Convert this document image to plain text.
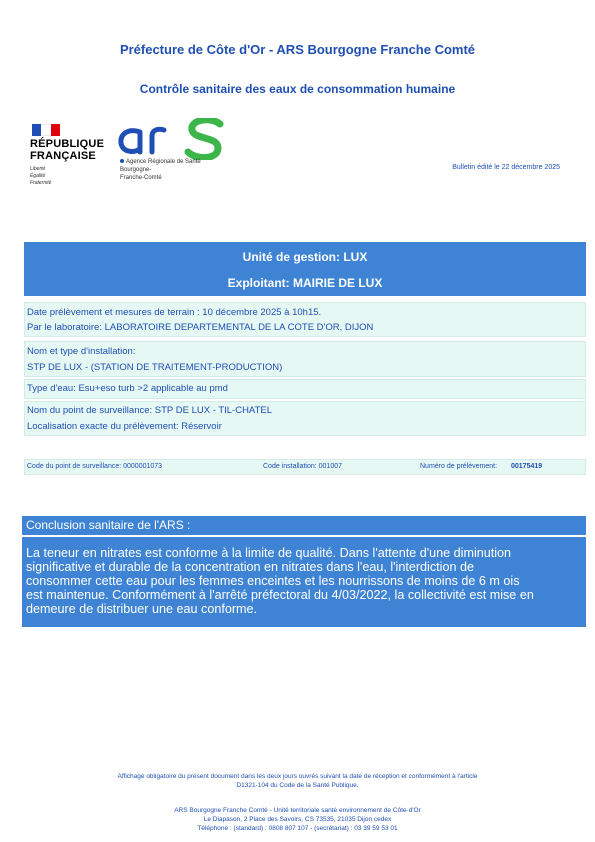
Préfecture de Côte d'Or - ARS Bourgogne Franche Comté
Contrôle sanitaire des eaux de consommation humaine
RÉPUBLIQUE
FRANÇAISE
Liberté
Égalité
Fraternité
Agence Régionale de Santé
Bourgogne-
Franche-Comté
Bulletin édité le 22 décembre 2025
Unité de gestion: LUX
Exploitant: MAIRIE DE LUX
Date prélèvement et mesures de terrain : 10 décembre 2025 à 10h15.
Par le laboratoire: LABORATOIRE DEPARTEMENTAL DE LA COTE D'OR, DIJON
Nom et type d'installation:
STP DE LUX - (STATION DE TRAITEMENT-PRODUCTION)
Type d'eau: Esu+eso turb >2 applicable au pmd
Nom du point de surveillance: STP DE LUX - TIL-CHATEL
Localisation exacte du prélèvement: Réservoir
Code du point de surveillance: 0000001073	Code installation: 001007	Numéro de prélèvement: 00175419
Conclusion sanitaire de l'ARS :
La teneur en nitrates est conforme à la limite de qualité. Dans l'attente d'une diminution
significative et durable de la concentration en nitrates dans l'eau, l'interdiction de
consommer cette eau pour les femmes enceintes et les nourrissons de moins de 6 m ois
est maintenue. Conformément à l'arrêté préfectoral du 4/03/2022, la collectivité est mise en
demeure de distribuer une eau conforme.
Affichage obligatoire du présent document dans les deux jours ouvrés suivant la date de réception et conformément à l'article
D1321-104 du Code de la Santé Publique.
ARS Bourgogne Franche Comté - Unité territoriale santé environnement de Côte-d'Or
Le Diapason, 2 Place des Savoirs, CS 73535, 21035 Dijon cedex
Téléphone : (standard) : 0808 807 107 - (secrétariat) : 03 39 59 53 01
